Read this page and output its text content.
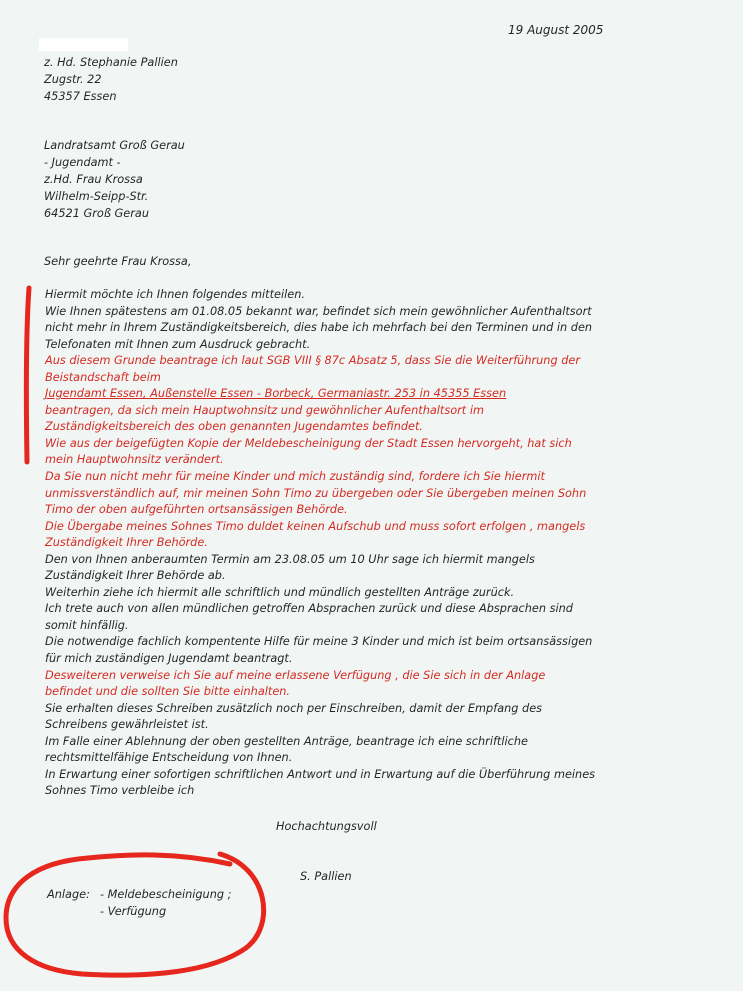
19 August 2005
z. Hd. Stephanie Pallien
Zugstr. 22
45357 Essen
Landratsamt Groß Gerau
- Jugendamt -
z.Hd. Frau Krossa
Wilhelm-Seipp-Str.
64521 Groß Gerau
Sehr geehrte Frau Krossa,
Hiermit möchte ich Ihnen folgendes mitteilen.
Wie Ihnen spätestens am 01.08.05 bekannt war, befindet sich mein gewöhnlicher Aufenthaltsort
nicht mehr in Ihrem Zuständigkeitsbereich, dies habe ich mehrfach bei den Terminen und in den
Telefonaten mit Ihnen zum Ausdruck gebracht.
Aus diesem Grunde beantrage ich laut SGB VIII § 87c Absatz 5, dass Sie die Weiterführung der
Beistandschaft beim
Jugendamt Essen, Außenstelle Essen - Borbeck, Germaniastr. 253 in 45355 Essen
beantragen, da sich mein Hauptwohnsitz und gewöhnlicher Aufenthaltsort im
Zuständigkeitsbereich des oben genannten Jugendamtes befindet.
Wie aus der beigefügten Kopie der Meldebescheinigung der Stadt Essen hervorgeht, hat sich
mein Hauptwohnsitz verändert.
Da Sie nun nicht mehr für meine Kinder und mich zuständig sind, fordere ich Sie hiermit
unmissverständlich auf, mir meinen Sohn Timo zu übergeben oder Sie übergeben meinen Sohn
Timo der oben aufgeführten ortsansässigen Behörde.
Die Übergabe meines Sohnes Timo duldet keinen Aufschub und muss sofort erfolgen , mangels
Zuständigkeit Ihrer Behörde.
Den von Ihnen anberaumten Termin am 23.08.05 um 10 Uhr sage ich hiermit mangels
Zuständigkeit Ihrer Behörde ab.
Weiterhin ziehe ich hiermit alle schriftlich und mündlich gestellten Anträge zurück.
Ich trete auch von allen mündlichen getroffen Absprachen zurück und diese Absprachen sind
somit hinfällig.
Die notwendige fachlich kompentente Hilfe für meine 3 Kinder und mich ist beim ortsansässigen
für mich zuständigen Jugendamt beantragt.
Desweiteren verweise ich Sie auf meine erlassene Verfügung , die Sie sich in der Anlage
befindet und die sollten Sie bitte einhalten.
Sie erhalten dieses Schreiben zusätzlich noch per Einschreiben, damit der Empfang des
Schreibens gewährleistet ist.
Im Falle einer Ablehnung der oben gestellten Anträge, beantrage ich eine schriftliche
rechtsmittelfähige Entscheidung von Ihnen.
In Erwartung einer sofortigen schriftlichen Antwort und in Erwartung auf die Überführung meines
Sohnes Timo verbleibe ich
Hochachtungsvoll
S. Pallien
Anlage: - Meldebescheinigung ;
- Verfügung
